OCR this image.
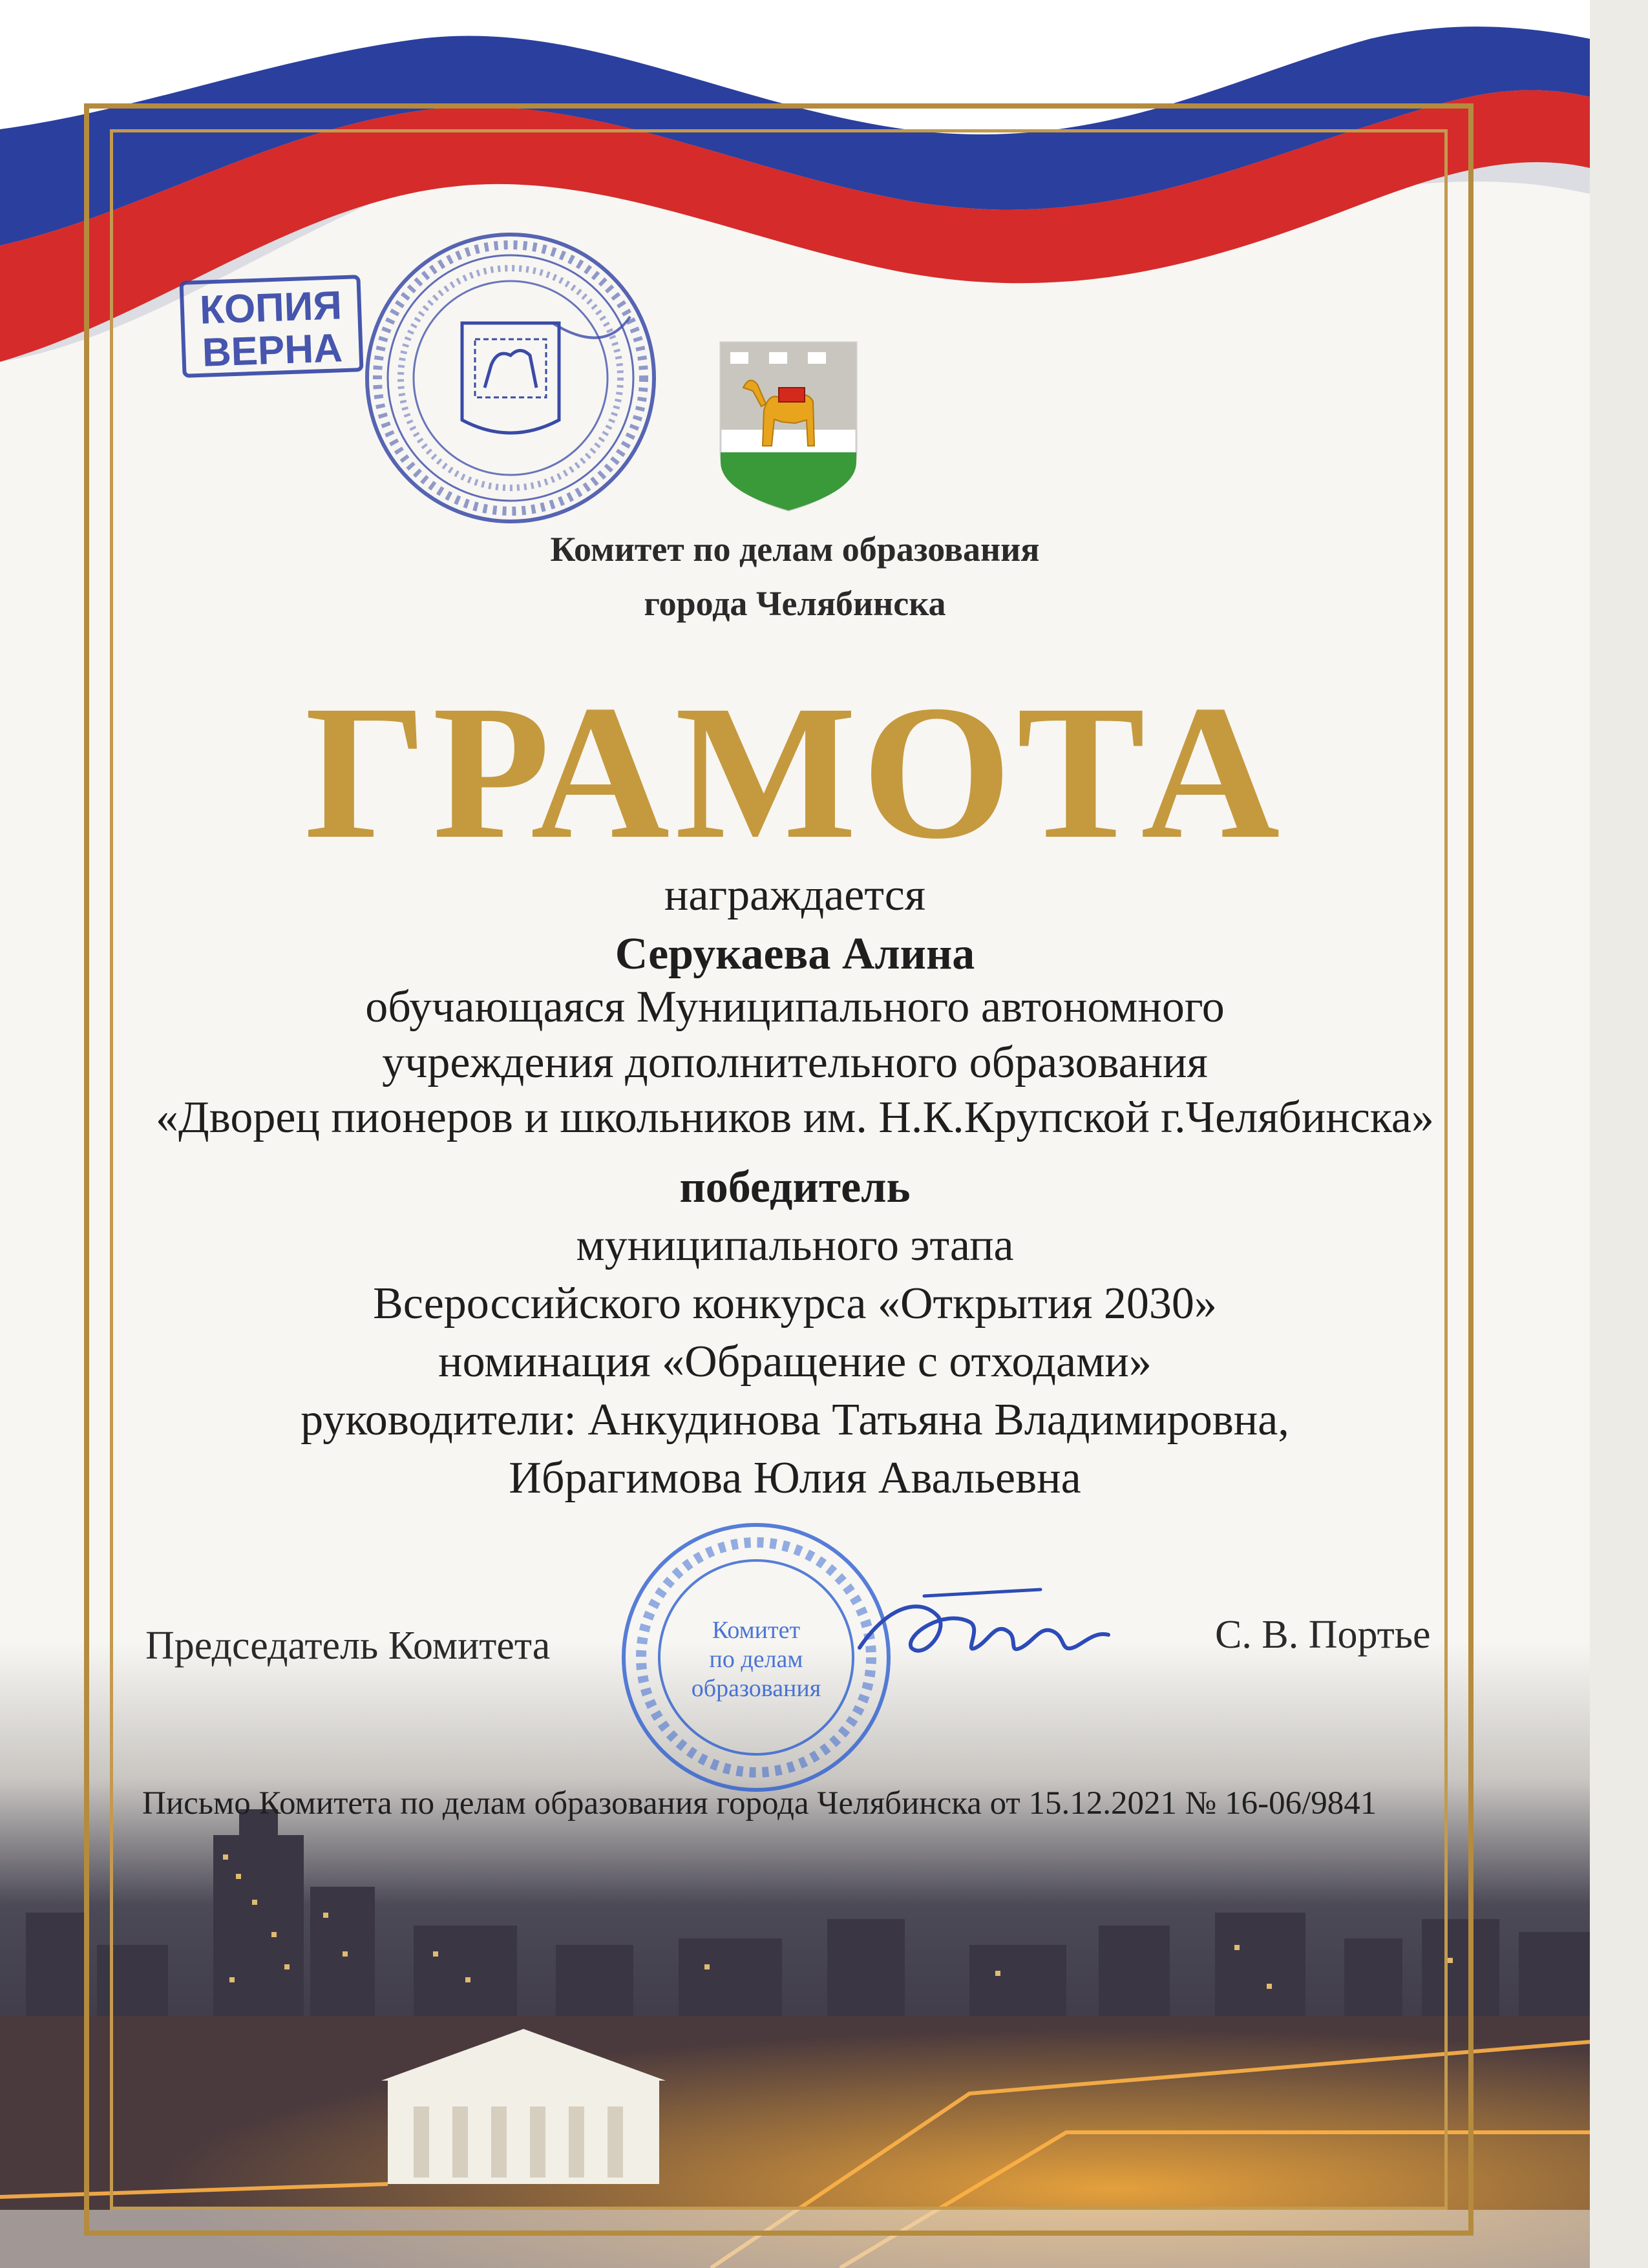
КОПИЯ
ВЕРНА
Комитет по делам образования
города Челябинска
ГРАМОТА
награждается
Серукаева Алина
обучающаяся Муниципального автономного
учреждения дополнительного образования
«Дворец пионеров и школьников им. Н.К.Крупской г.Челябинска»
победитель
муниципального этапа
Всероссийского конкурса «Открытия 2030»
номинация «Обращение с отходами»
руководители: Анкудинова Татьяна Владимировна,
Ибрагимова Юлия Авальевна
Председатель Комитета	С. В. Портье
Комитет
по делам
образования
Письмо Комитета по делам образования города Челябинска от 15.12.2021 № 16-06/9841
